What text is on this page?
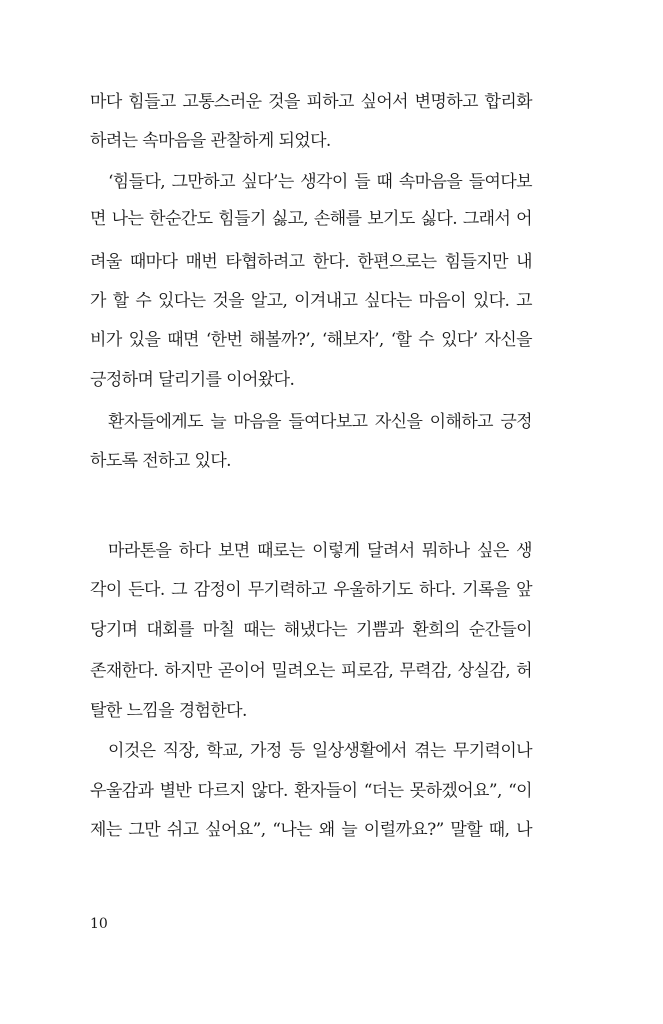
마다 힘들고 고통스러운 것을 피하고 싶어서 변명하고 합리화
하려는 속마음을 관찰하게 되었다.
‘힘들다, 그만하고 싶다’는 생각이 들 때 속마음을 들여다보
면 나는 한순간도 힘들기 싫고, 손해를 보기도 싫다. 그래서 어
려울 때마다 매번 타협하려고 한다. 한편으로는 힘들지만 내
가 할 수 있다는 것을 알고, 이겨내고 싶다는 마음이 있다. 고
비가 있을 때면 ‘한번 해볼까?’, ‘해보자’, ‘할 수 있다’ 자신을
긍정하며 달리기를 이어왔다.
환자들에게도 늘 마음을 들여다보고 자신을 이해하고 긍정
하도록 전하고 있다.
마라톤을 하다 보면 때로는 이렇게 달려서 뭐하나 싶은 생
각이 든다. 그 감정이 무기력하고 우울하기도 하다. 기록을 앞
당기며 대회를 마칠 때는 해냈다는 기쁨과 환희의 순간들이
존재한다. 하지만 곧이어 밀려오는 피로감, 무력감, 상실감, 허
탈한 느낌을 경험한다.
이것은 직장, 학교, 가정 등 일상생활에서 겪는 무기력이나
우울감과 별반 다르지 않다. 환자들이 “더는 못하겠어요”, “이
제는 그만 쉬고 싶어요”, “나는 왜 늘 이럴까요?” 말할 때, 나
10
